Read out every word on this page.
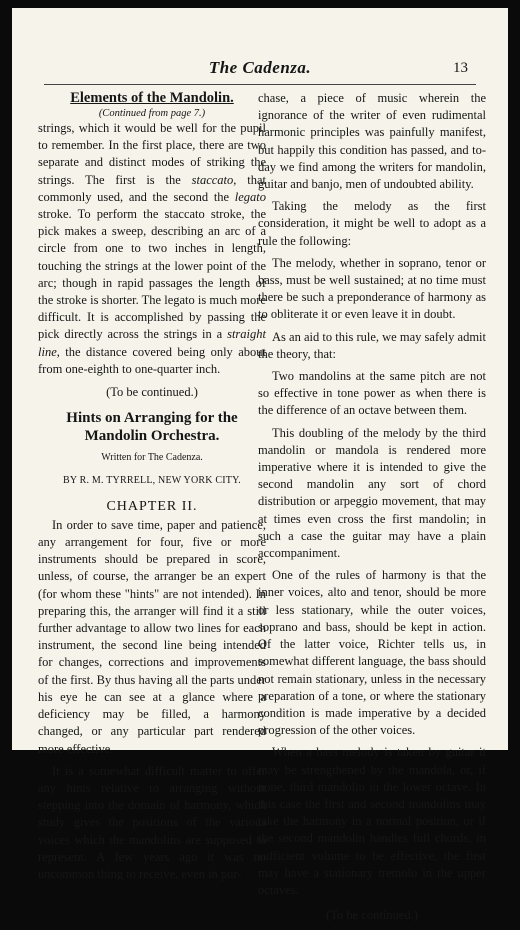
The Cadenza.	13

Elements of the Mandolin.

(Continued from page 7.)

strings, which it would be well for the pupil to remember. In the first place, there are two separate and distinct modes of striking the strings. The first is the staccato, that commonly used, and the second the legato stroke. To perform the staccato stroke, the pick makes a sweep, describing an arc of a circle from one to two inches in length, touching the strings at the lower point of the arc; though in rapid passages the length of the stroke is shorter. The legato is much more difficult. It is accomplished by passing the pick directly across the strings in a straight line, the distance covered being only about from one-eighth to one-quarter inch.

(To be continued.)

Hints on Arranging for the Mandolin Orchestra.

Written for The Cadenza.

BY R. M. TYRRELL, NEW YORK CITY.

CHAPTER II.

In order to save time, paper and patience, any arrangement for four, five or more instruments should be prepared in score, unless, of course, the arranger be an expert (for whom these "hints" are not intended). In preparing this, the arranger will find it a still further advantage to allow two lines for each instrument, the second line being intended for changes, corrections and improvements of the first. By thus having all the parts under his eye he can see at a glance where a deficiency may be filled, a harmony changed, or any particular part rendered more effective.

It is a somewhat difficult matter to offer any hints relative to arranging without stepping into the domain of harmony, which study gives the positions of the various voices which the mandolins are supposed to represent. A few years ago it was no uncommon thing to receive, even in pur-

chase, a piece of music wherein the ignorance of the writer of even rudimental harmonic principles was painfully manifest, but happily this condition has passed, and to-day we find among the writers for mandolin, guitar and banjo, men of undoubted ability.

Taking the melody as the first consideration, it might be well to adopt as a rule the following:

The melody, whether in soprano, tenor or bass, must be well sustained; at no time must there be such a preponderance of harmony as to obliterate it or even leave it in doubt.

As an aid to this rule, we may safely admit the theory, that:

Two mandolins at the same pitch are not so effective in tone power as when there is the difference of an octave between them.

This doubling of the melody by the third mandolin or mandola is rendered more imperative where it is intended to give the second mandolin any sort of chord distribution or arpeggio movement, that may at times even cross the first mandolin; in such a case the guitar may have a plain accompaniment.

One of the rules of harmony is that the inner voices, alto and tenor, should be more or less stationary, while the outer voices, soprano and bass, should be kept in action. Of the latter voice, Richter tells us, in somewhat different language, the bass should not remain stationary, unless in the necessary preparation of a tone, or where the stationary condition is made imperative by a decided progression of the other voices.

When a bass melody is taken by guitar it may be strengthened by the mandola, or, if none, third mandolin in the lower octave. In this case the first and second mandolins may take the harmony in a normal position, or if the second mandolin handles full chords, in sufficient volume to be effective, the first may have a stationary tremolo in the upper octaves.

(To be continued.)
